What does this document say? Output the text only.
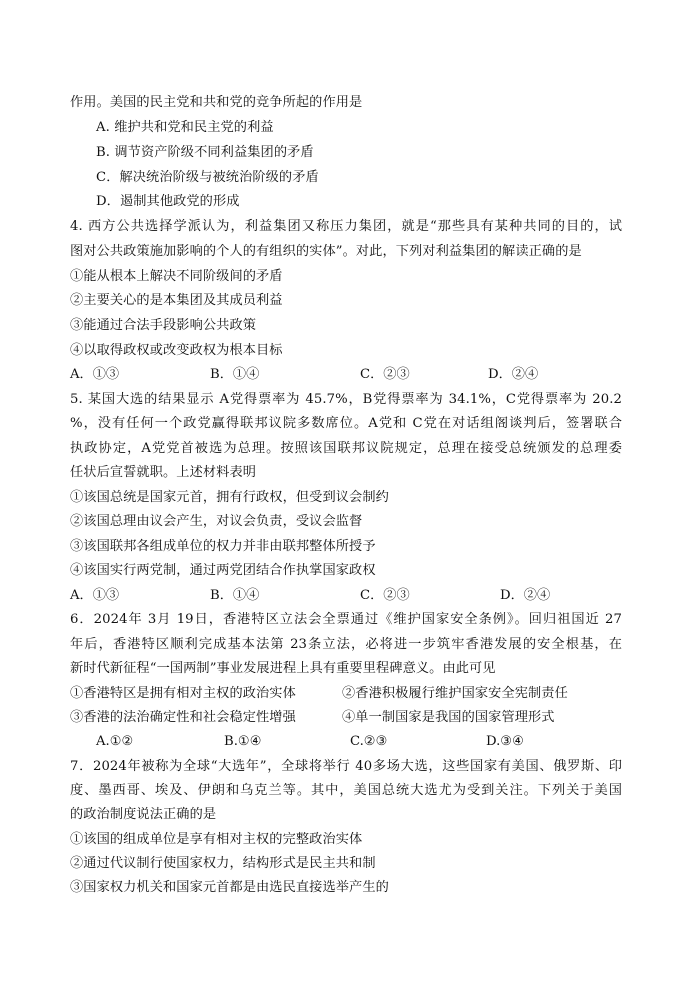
作用。美国的民主党和共和党的竞争所起的作用是
A. 维护共和党和民主党的利益
B. 调节资产阶级不同利益集团的矛盾
C．解决统治阶级与被统治阶级的矛盾
D．遏制其他政党的形成
4. 西方公共选择学派认为，利益集团又称压力集团，就是“那些具有某种共同的目的，试
图对公共政策施加影响的个人的有组织的实体”。对此，下列对利益集团的解读正确的是
①能从根本上解决不同阶级间的矛盾
②主要关心的是本集团及其成员利益
③能通过合法手段影响公共政策
④以取得政权或改变政权为根本目标
A．①③	B．①④	C．②③	D．②④
5. 某国大选的结果显示 A党得票率为 45.7%，B党得票率为 34.1%，C党得票率为 20.2
%，没有任何一个政党赢得联邦议院多数席位。A党和 C党在对话组阁谈判后，签署联合
执政协定，A党党首被选为总理。按照该国联邦议院规定，总理在接受总统颁发的总理委
任状后宣誓就职。上述材料表明
①该国总统是国家元首，拥有行政权，但受到议会制约
②该国总理由议会产生，对议会负责，受议会监督
③该国联邦各组成单位的权力并非由联邦整体所授予
④该国实行两党制，通过两党团结合作执掌国家政权
A．①③	B．①④	C．②③	D．②④
6．2024年 3月 19日，香港特区立法会全票通过《维护国家安全条例》。回归祖国近 27
年后，香港特区顺利完成基本法第 23条立法，必将进一步筑牢香港发展的安全根基，在
新时代新征程“一国两制”事业发展进程上具有重要里程碑意义。由此可见
①香港特区是拥有相对主权的政治实体	②香港积极履行维护国家安全宪制责任
③香港的法治确定性和社会稳定性增强	④单一制国家是我国的国家管理形式
A.①②	B.①④	C.②③	D.③④
7．2024年被称为全球“大选年”，全球将举行 40多场大选，这些国家有美国、俄罗斯、印
度、墨西哥、埃及、伊朗和乌克兰等。其中，美国总统大选尤为受到关注。下列关于美国
的政治制度说法正确的是
①该国的组成单位是享有相对主权的完整政治实体
②通过代议制行使国家权力，结构形式是民主共和制
③国家权力机关和国家元首都是由选民直接选举产生的
